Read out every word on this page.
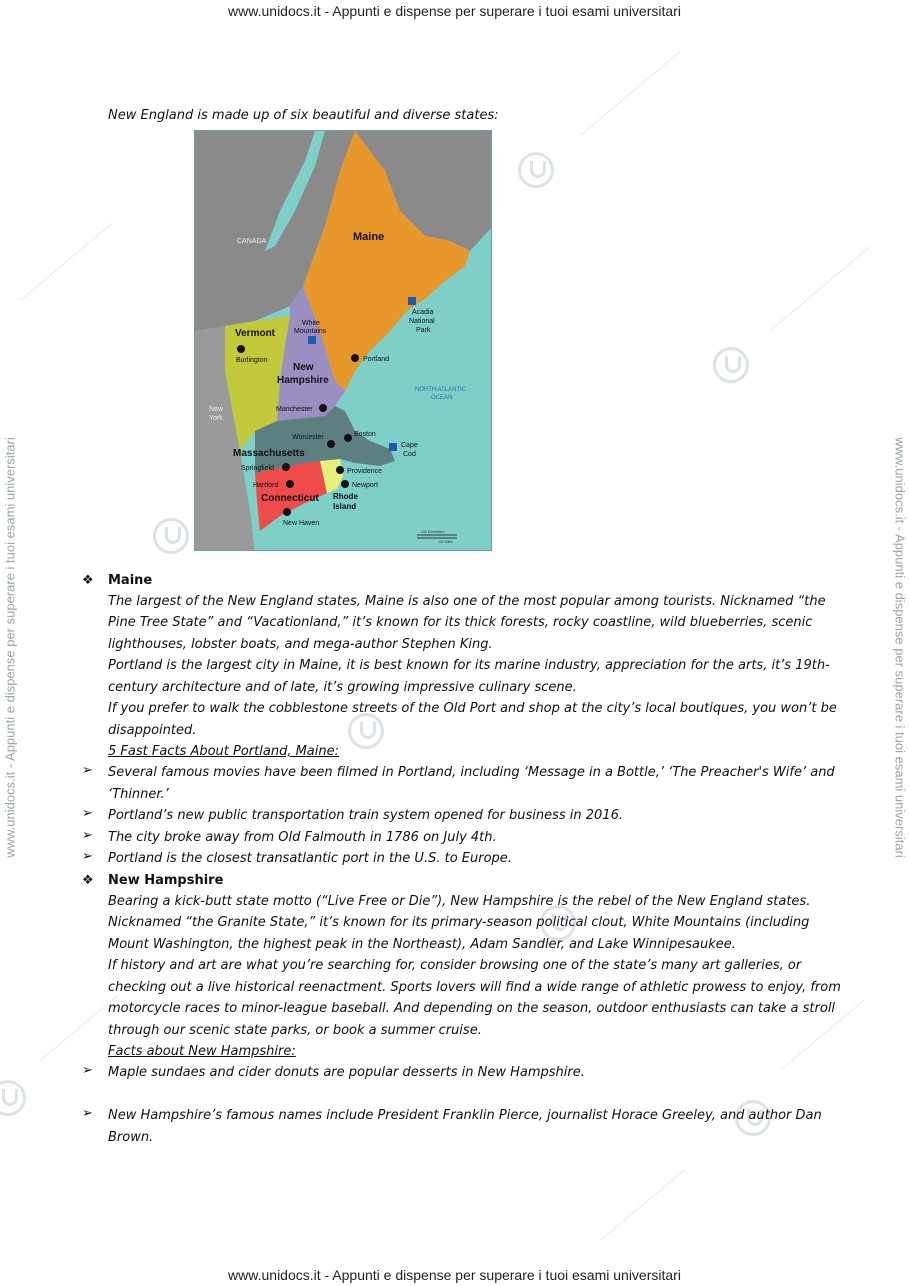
www.unidocs.it - Appunti e dispense per superare i tuoi esami universitari
www.unidocs.it - Appunti e dispense per superare i tuoi esami universitari
www.unidocs.it - Appunti e dispense per superare i tuoi esami universitari	www.unidocs.it - Appunti e dispense per superare i tuoi esami universitari
New England is made up of six beautiful and diverse states:
CANADA	Maine
Vermont
New
Hampshire
Massachusetts
Connecticut Rhode
Island
New
York
White
Mountains
Acadia
National
Park
NORTH ATLANTIC
OCEAN
Cape
Cod
Burlington	Portland
Manchester
Worcester	Boston
Springfield	Providence
Hartford	Newport
New Haven
100 Kilometers
100 Miles
❖ Maine
The largest of the New England states, Maine is also one of the most popular among tourists. Nicknamed “the
Pine Tree State” and “Vacationland,” it’s known for its thick forests, rocky coastline, wild blueberries, scenic
lighthouses, lobster boats, and mega-author Stephen King.
Portland is the largest city in Maine, it is best known for its marine industry, appreciation for the arts, it’s 19th-
century architecture and of late, it’s growing impressive culinary scene.
If you prefer to walk the cobblestone streets of the Old Port and shop at the city’s local boutiques, you won’t be
disappointed.
5 Fast Facts About Portland, Maine:
➢ Several famous movies have been filmed in Portland, including ‘Message in a Bottle,’ ‘The Preacher's Wife’ and
‘Thinner.’
➢ Portland’s new public transportation train system opened for business in 2016.
➢ The city broke away from Old Falmouth in 1786 on July 4th.
➢ Portland is the closest transatlantic port in the U.S. to Europe.
❖ New Hampshire
Bearing a kick-butt state motto (“Live Free or Die”), New Hampshire is the rebel of the New England states.
Nicknamed “the Granite State,” it’s known for its primary-season political clout, White Mountains (including
Mount Washington, the highest peak in the Northeast), Adam Sandler, and Lake Winnipesaukee.
If history and art are what you’re searching for, consider browsing one of the state’s many art galleries, or
checking out a live historical reenactment. Sports lovers will find a wide range of athletic prowess to enjoy, from
motorcycle races to minor-league baseball. And depending on the season, outdoor enthusiasts can take a stroll
through our scenic state parks, or book a summer cruise.
Facts about New Hampshire:
➢ Maple sundaes and cider donuts are popular desserts in New Hampshire.
➢ New Hampshire’s famous names include President Franklin Pierce, journalist Horace Greeley, and author Dan
Brown.
